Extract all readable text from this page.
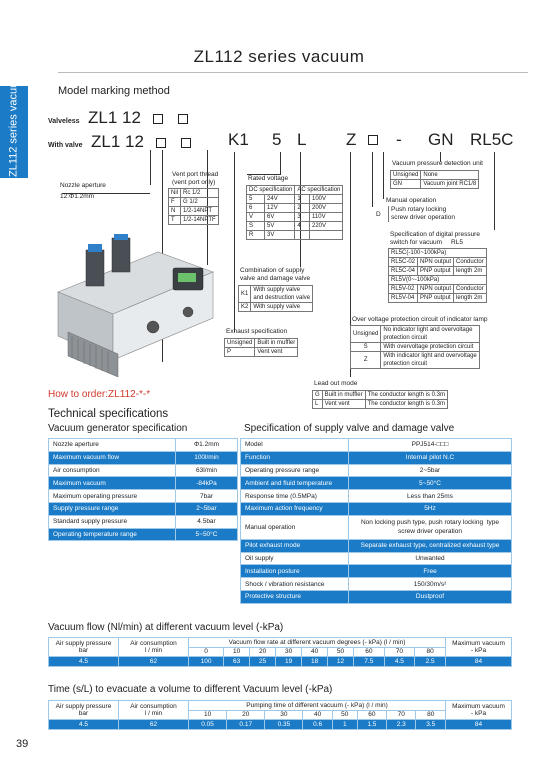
ZL112 series vacuum
ZL112 series vacuum	Model marking method
Valveless ZL1 12
With valve ZL1 12	K1 5 L Z - GN RL5C
Nozzle aperture
12:Φ1.2mm
Vent port thread
(vent port only)
Nil	Rc 1/2
F	G 1/2
N	1/2-14NPT
T	1/2-14NPTF
Rated voltage
DC specification		AC specification	
5	24V	1	100V
6	12V	2	200V
V	6V	3	110V
S	5V	4	220V
R	3V		
Combination of supply
valve and damage valve
K1	With supply valve
and destruction valve
K2	With supply valve
Exhaust specification
Unsigned	Built in muffler
P	Vent vent
Vacuum pressure detection unit
Unsigned	None
GN	Vacuum joint RC1/8
Manual operation
D
Push rotary locking
screw driver operation
Specification of digital pressure
switch for vacuum     RL5
RL5C(-100~100kPa)		
RL5C-02	NPN output	Conductor
RL5C-04	PNP output	length 2m
RL5V(0~-100kPa)		
RL5V-02	NPN output	Conductor
RL5V-04	PNP output	length 2m
Over voltage protection circuit of indicator lamp
Unsigned	No indicator light and overvoltage
protection circuit
S	With overvoltage protection circuit
Z	With indicator light and overvoltage
protection circuit
Lead out mode
G	Built in muffler	The conductor length is 0.3m
L	Vent vent	The conductor length is 0.3m
How to order:ZL112-*-*
Technical specifications
Vacuum generator specification	Specification of supply valve and damage valve
Nozzle aperture	Φ1.2mm
Maximum vacuum flow	100l/min
Air consumption	63l/min
Maximum vacuum	-84kPa
Maximum operating pressure	7bar
Supply pressure range	2~5bar
Standard supply pressure	4.5bar
Operating temperature range	5~50°C
Model	PPJ514-□□□
Function	Internal pilot N.C
Operating pressure range	2~5bar
Ambient and fluid temperature	5~50°C
Response time (0.5MPa)	Less than 25ms
Maximum action frequency	5Hz
Manual operation	Non locking push type, push rotary locking  type
screw driver operation
Pilot exhaust mode	Separate exhaust type, centralized exhaust type
Oil supply	Unwanted
Installation posture	Free
Shock / vibration resistance	150/30m/s²
Protective structure	Dustproof
Vacuum flow (Nl/min) at different vacuum level (-kPa)
Air supply pressure
bar	Air consumption
l / min	Vacuum flow rate at different vacuum degrees (- kPa) (l / min)									Maximum vacuum
- kPa
		0	10	20	30	40	50	60	70	80	
4.5	62	100	63	25	19	18	12	7.5	4.5	2.5	84
Time (s/L) to evacuate a volume to different Vacuum level (-kPa)
Air supply pressure
bar	Air consumption
l / min	Pumping time of different vacuum (- kPa) (l / min)								Maximum vacuum
- kPa
		10	20	30	40	50	60	70	80	
4.5	62	0.05	0.17	0.35	0.6	1	1.5	2.3	3.5	84
39
